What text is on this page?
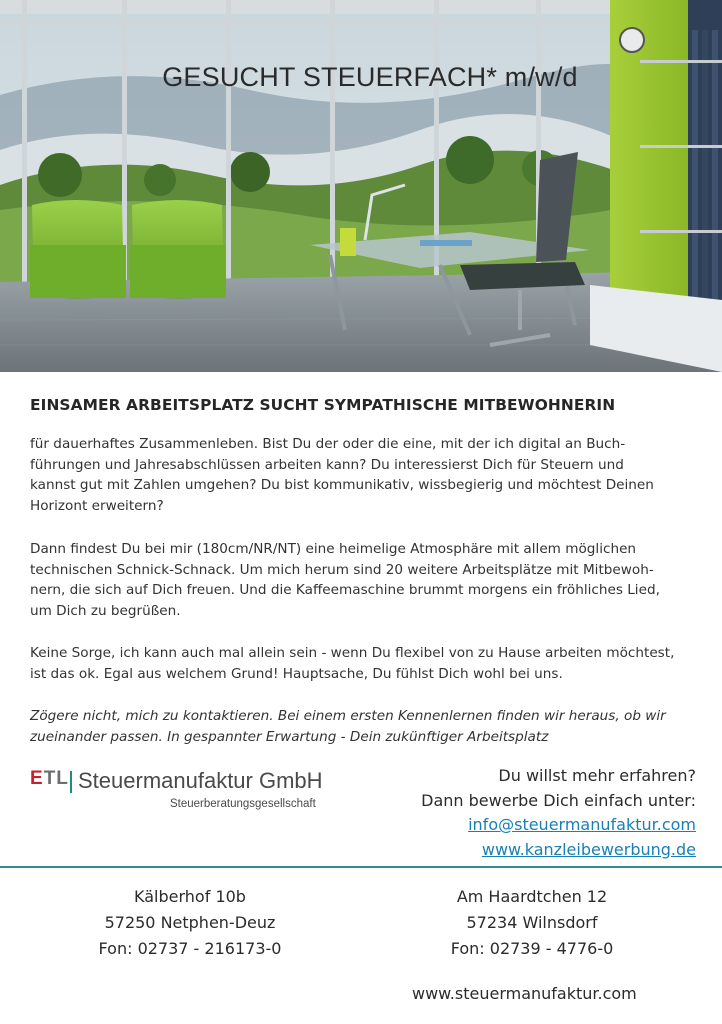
GESUCHT STEUERFACH* m/w/d
EINSAMER ARBEITSPLATZ SUCHT SYMPATHISCHE MITBEWOHNERIN
für dauerhaftes Zusammenleben. Bist Du der oder die eine, mit der ich digital an Buch-
führungen und Jahresabschlüssen arbeiten kann? Du interessierst Dich für Steuern und
kannst gut mit Zahlen umgehen? Du bist kommunikativ, wissbegierig und möchtest Deinen
Horizont erweitern?
Dann findest Du bei mir (180cm/NR/NT) eine heimelige Atmosphäre mit allem möglichen
technischen Schnick-Schnack. Um mich herum sind 20 weitere Arbeitsplätze mit Mitbewoh-
nern, die sich auf Dich freuen. Und die Kaffeemaschine brummt morgens ein fröhliches Lied,
um Dich zu begrüßen.
Keine Sorge, ich kann auch mal allein sein - wenn Du flexibel von zu Hause arbeiten möchtest,
ist das ok. Egal aus welchem Grund! Hauptsache, Du fühlst Dich wohl bei uns.
Zögere nicht, mich zu kontaktieren. Bei einem ersten Kennenlernen finden wir heraus, ob wir
zueinander passen. In gespannter Erwartung - Dein zukünftiger Arbeitsplatz
ETL Steuermanufaktur GmbH
Steuerberatungsgesellschaft
Du willst mehr erfahren?
Dann bewerbe Dich einfach unter:
info@steuermanufaktur.com
www.kanzleibewerbung.de
Kälberhof 10b
57250 Netphen-Deuz
Fon: 02737 - 216173-0
Am Haardtchen 12
57234 Wilnsdorf
Fon: 02739 - 4776-0
www.steuermanufaktur.com
